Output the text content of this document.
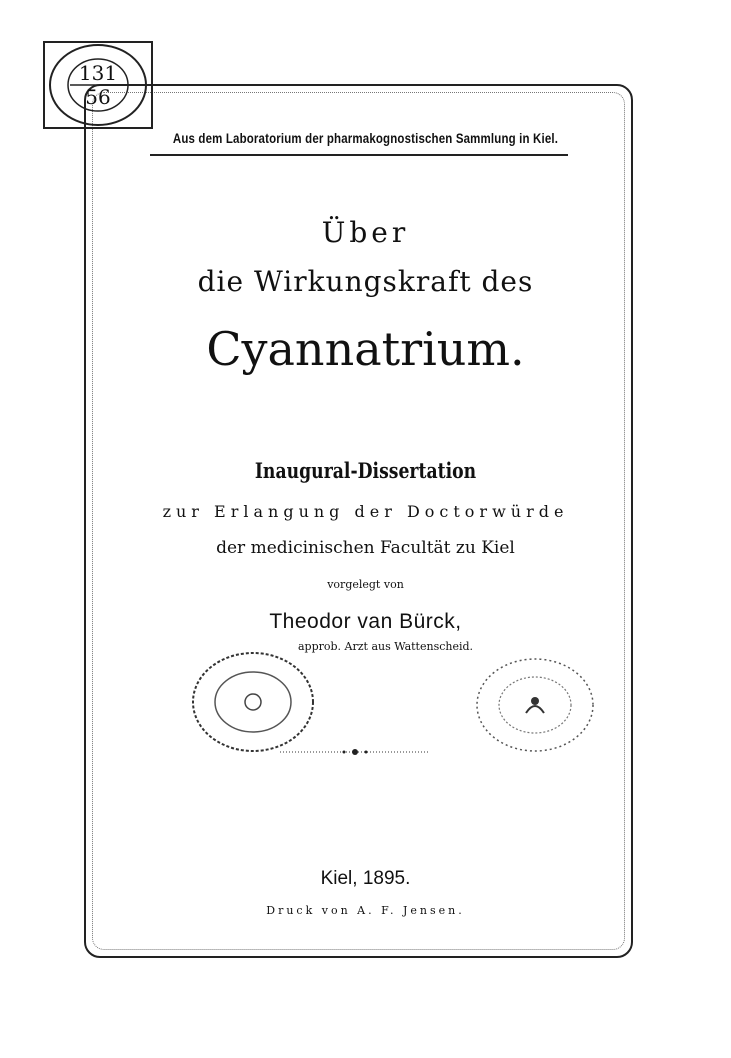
131
56
Aus dem Laboratorium der pharmakognostischen Sammlung in Kiel.
Über
die Wirkungskraft des
Cyannatrium.
Inaugural-Dissertation
zur Erlangung der Doctorwürde
der medicinischen Facultät zu Kiel
vorgelegt von
Theodor van Bürck,
approb. Arzt aus Wattenscheid.
Kiel, 1895.
Druck von A. F. Jensen.
